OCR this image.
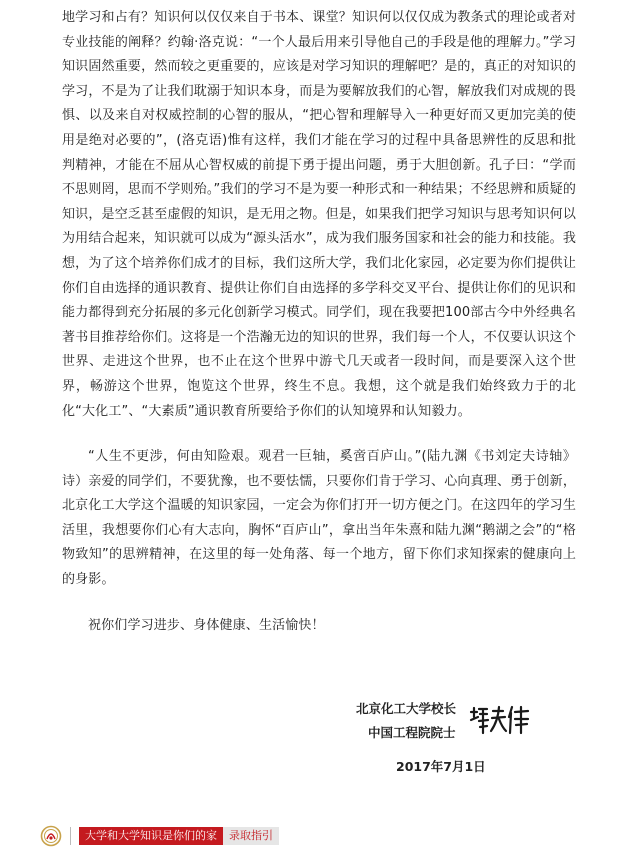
地学习和占有？知识何以仅仅来自于书本、课堂？知识何以仅仅成为教条式的理论或者对专业技能的阐释？约翰·洛克说：“一个人最后用来引导他自己的手段是他的理解力。”学习知识固然重要，然而较之更重要的，应该是对学习知识的理解吧？是的，真正的对知识的学习，不是为了让我们耽溺于知识本身，而是为要解放我们的心智，解放我们对成规的畏惧、以及来自对权威控制的心智的服从，“把心智和理解导入一种更好而又更加完美的使用是绝对必要的”，(洛克语)惟有这样，我们才能在学习的过程中具备思辨性的反思和批判精神，才能在不屈从心智权威的前提下勇于提出问题，勇于大胆创新。孔子曰：“学而不思则罔，思而不学则殆。”我们的学习不是为要一种形式和一种结果；不经思辨和质疑的知识，是空乏甚至虚假的知识，是无用之物。但是，如果我们把学习知识与思考知识何以为用结合起来，知识就可以成为“源头活水”，成为我们服务国家和社会的能力和技能。我想，为了这个培养你们成才的目标，我们这所大学，我们北化家园，必定要为你们提供让你们自由选择的通识教育、提供让你们自由选择的多学科交叉平台、提供让你们的见识和能力都得到充分拓展的多元化创新学习模式。同学们，现在我要把100部古今中外经典名著书目推荐给你们。这将是一个浩瀚无边的知识的世界，我们每一个人，不仅要认识这个世界、走进这个世界，也不止在这个世界中游弋几天或者一段时间，而是要深入这个世界，畅游这个世界，饱览这个世界，终生不息。我想，这个就是我们始终致力于的北化“大化工”、“大素质”通识教育所要给予你们的认知境界和认知毅力。

“人生不更涉，何由知险艰。观君一巨轴，奚啻百庐山。”(陆九渊《书刘定夫诗轴》诗）亲爱的同学们，不要犹豫，也不要怯懦，只要你们肯于学习、心向真理、勇于创新，北京化工大学这个温暖的知识家园，一定会为你们打开一切方便之门。在这四年的学习生活里，我想要你们心有大志向，胸怀“百庐山”，拿出当年朱熹和陆九渊“鹅湖之会”的“格物致知”的思辨精神，在这里的每一处角落、每一个地方，留下你们求知探索的健康向上的身影。

祝你们学习进步、身体健康、生活愉快！

北京化工大学校长
中国工程院院士
2017年7月1日
大学和大学知识是你们的家	录取指引
